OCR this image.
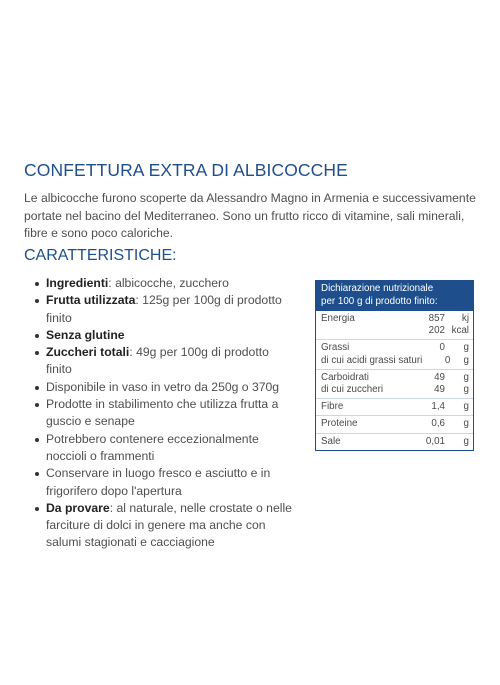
CONFETTURA EXTRA DI ALBICOCCHE

Le albicocche furono scoperte da Alessandro Magno in Armenia e successivamente portate nel bacino del Mediterraneo. Sono un frutto ricco di vitamine, sali minerali, fibre e sono poco caloriche.

CARATTERISTICHE:
Ingredienti: albicocche, zucchero
Frutta utilizzata: 125g per 100g di prodotto finito
Senza glutine
Zuccheri totali: 49g per 100g di prodotto finito
Disponibile in vaso in vetro da 250g o 370g
Prodotte in stabilimento che utilizza frutta a guscio e senape
Potrebbero contenere eccezionalmente noccioli o frammenti
Conservare in luogo fresco e asciutto e in frigorifero dopo l'apertura
Da provare: al naturale, nelle crostate o nelle farciture di dolci in genere ma anche con salumi stagionati e cacciagione
Dichiarazione nutrizionale
per 100 g di prodotto finito:
Energia	857	kj
202 kcal
Grassi	0	g
di cui acidi grassi saturi	0	g
Carboidrati	49	g
di cui zuccheri	49	g
Fibre	1,4	g
Proteine	0,6	g
Sale	0,01	g
